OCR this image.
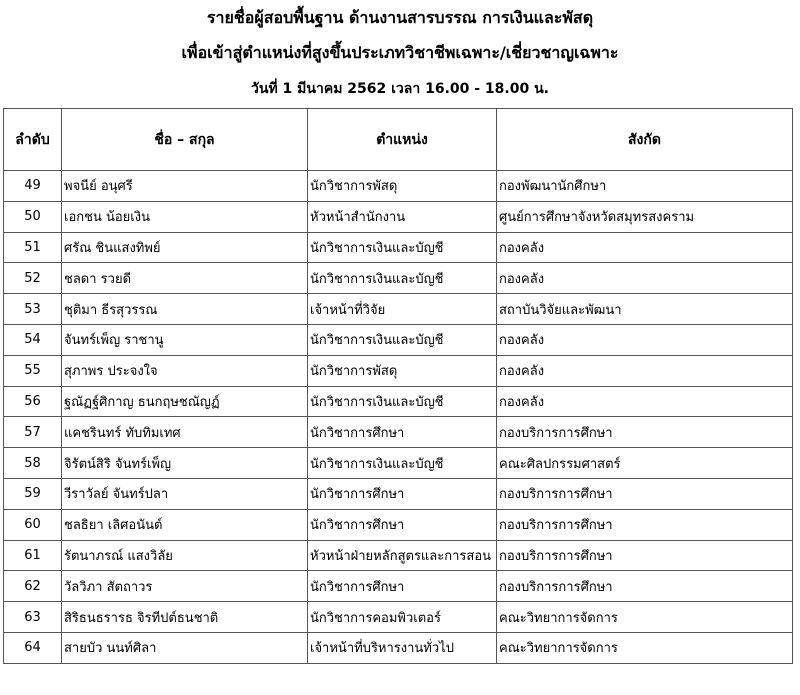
รายชื่อผู้สอบพื้นฐาน ด้านงานสารบรรณ การเงินและพัสดุ
เพื่อเข้าสู่ตำแหน่งที่สูงขึ้นประเภทวิชาชีพเฉพาะ/เชี่ยวชาญเฉพาะ
วันที่ 1 มีนาคม 2562 เวลา 16.00 - 18.00 น.
ลำดับ	ชื่อ – สกุล	ตำแหน่ง	สังกัด
49	พจนีย์ อนุศรี	นักวิชาการพัสดุ	กองพัฒนานักศึกษา
50	เอกชน น้อยเงิน	หัวหน้าสำนักงาน	ศูนย์การศึกษาจังหวัดสมุทรสงคราม
51	ศรัณ ชินแสงทิพย์	นักวิชาการเงินและบัญชี	กองคลัง
52	ชลดา รวยดี	นักวิชาการเงินและบัญชี	กองคลัง
53	ชุติมา ธีรสุวรรณ	เจ้าหน้าที่วิจัย	สถาบันวิจัยและพัฒนา
54	จันทร์เพ็ญ ราชานู	นักวิชาการเงินและบัญชี	กองคลัง
55	สุภาพร ประจงใจ	นักวิชาการพัสดุ	กองคลัง
56	ฐณัฏฐ์ศิกาญ ธนกฤษชณัญฏ์	นักวิชาการเงินและบัญชี	กองคลัง
57	แคชรินทร์ ทับทิมเทศ	นักวิชาการศึกษา	กองบริการการศึกษา
58	จิรัตน์สิริ จันทร์เพ็ญ	นักวิชาการเงินและบัญชี	คณะศิลปกรรมศาสตร์
59	วีราวัลย์ จันทร์ปลา	นักวิชาการศึกษา	กองบริการการศึกษา
60	ชลธิยา เลิศอนันต์	นักวิชาการศึกษา	กองบริการการศึกษา
61	รัตนาภรณ์ แสงวิลัย	หัวหน้าฝ่ายหลักสูตรและการสอน	กองบริการการศึกษา
62	วัลวิภา สัตถาวร	นักวิชาการศึกษา	กองบริการการศึกษา
63	สิริธนธรารธ จิรทีปต์ธนชาติ	นักวิชาการคอมพิวเตอร์	คณะวิทยาการจัดการ
64	สายบัว นนท์ศิลา	เจ้าหน้าที่บริหารงานทั่วไป	คณะวิทยาการจัดการ
